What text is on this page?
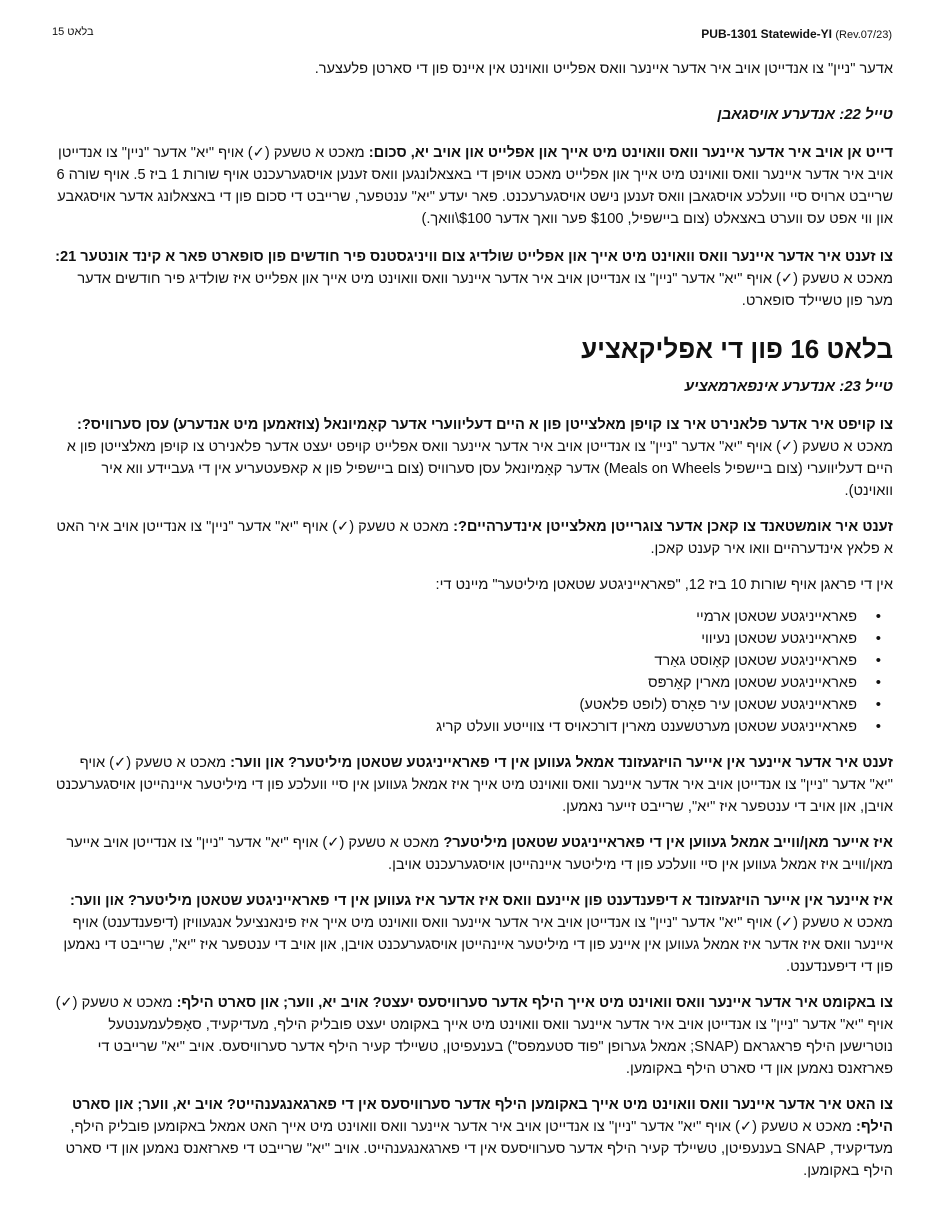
בלאט 15	PUB-1301 Statewide-YI (Rev.07/23)

אדער "ניין" צו אנדייטן אויב איר אדער איינער וואס אפלייט וואוינט אין איינס פון די סארטן פלעצער.

טייל 22: אנדערע אויסגאבן

דייט אן אויב איר אדער איינער וואס וואוינט מיט אייך און אפלייט און אויב יא, סכום: מאכט א טשעק (✓) אויף "יא" אדער "ניין" צו אנדייטן אויב איר אדער איינער וואס וואוינט מיט אייך און אפלייט מאכט אויפן די באצאלונגען וואס זענען אויסגערעכנט אויף שורות 1 ביז 5. אויף שורה 6 שרייבט ארויס סיי וועלכע אויסגאבן וואס זענען נישט אויסגערעכנט. פאר יעדע "יא" ענטפער, שרייבט די סכום פון די באצאלונג אדער אויסגאבע און ווי אפט עס ווערט באצאלט (צום ביישפיל, $100 פער וואך אדער $100\וואך.)

צו זענט איר אדער איינער וואס וואוינט מיט אייך און אפלייט שולדיג צום וויניגסטנס פיר חודשים פון סופארט פאר א קינד אונטער 21: מאכט א טשעק (✓) אויף "יא" אדער "ניין" צו אנדייטן אויב איר אדער איינער וואס וואוינט מיט אייך און אפלייט איז שולדיג פיר חודשים אדער מער פון טשיילד סופארט.

בלאט 16 פון די אפליקאציע

טייל 23: אנדערע אינפארמאציע

צו קויפט איר אדער פלאנירט איר צו קויפן מאלצייטן פון א היים דעליווערי אדער קאָמיונאל (צוזאמען מיט אנדערע) עסן סערוויס?: מאכט א טשעק (✓) אויף "יא" אדער "ניין" צו אנדייטן אויב איר אדער איינער וואס אפלייט קויפט יעצט אדער פלאנירט צו קויפן מאלצייטן פון א היים דעליווערי (צום ביישפיל Meals on Wheels) אדער קאָמיונאל עסן סערוויס (צום ביישפיל פון א קאפעטעריע אין די געביידע ווא איר וואוינט).

זענט איר אומשטאנד צו קאכן אדער צוגרייטן מאלצייטן אינדערהיים?: מאכט א טשעק (✓) אויף "יא" אדער "ניין" צו אנדייטן אויב איר האט א פלאץ אינדערהיים וואו איר קענט קאכן.

אין די פראגן אויף שורות 10 ביז 12, "פאראייניגטע שטאטן מיליטער" מיינט די:

• פאראייניגטע שטאטן ארמיי
• פאראייניגטע שטאטן נעיווי
• פאראייניגטע שטאטן קאָוסט גאַרד
• פאראייניגטע שטאטן מארין קאָרפּס
• פאראייניגטע שטאטן עיר פאָרס (לופט פלאטע)
• פאראייניגטע שטאטן מערטשענט מארין דורכאויס די צווייטע וועלט קריג

זענט איר אדער איינער אין אייער הויזגעזונד אמאל געווען אין די פאראייניגטע שטאטן מיליטער? און ווער: מאכט א טשעק (✓) אויף "יא" אדער "ניין" צו אנדייטן אויב איר אדער איינער וואס וואוינט מיט אייך איז אמאל געווען אין סיי וועלכע פון די מיליטער איינהייטן אויסגערעכנט אויבן, און אויב די ענטפער איז "יא", שרייבט זייער נאמען.

איז אייער מאן/ווייב אמאל געווען אין די פאראייניגטע שטאטן מיליטער? מאכט א טשעק (✓) אויף "יא" אדער "ניין" צו אנדייטן אויב אייער מאן/ווייב איז אמאל געווען אין סיי וועלכע פון די מיליטער איינהייטן אויסגערעכנט אויבן.

איז איינער אין אייער הויזגעזונד א דיפענדענט פון איינעם וואס איז אדער איז געווען אין די פאראייניגטע שטאטן מיליטער? און ווער: מאכט א טשעק (✓) אויף "יא" אדער "ניין" צו אנדייטן אויב איר אדער איינער וואס וואוינט מיט אייך איז פינאנציעל אנגעוויזן (דיפענדענט) אויף איינער וואס איז אדער איז אמאל געווען אין איינע פון די מיליטער איינהייטן אויסגערעכנט אויבן, און אויב די ענטפער איז "יא", שרייבט די נאמען פון די דיפענדענט.

צו באקומט איר אדער איינער וואס וואוינט מיט אייך הילף אדער סערוויסעס יעצט? אויב יא, ווער; און סארט הילף: מאכט א טשעק (✓) אויף "יא" אדער "ניין" צו אנדייטן אויב איר אדער איינער וואס וואוינט מיט אייך באקומט יעצט פובליק הילף, מעדיקעיד, סאָפּלעמענטעל נוטרישען הילף פראגראם (SNAP; אמאל גערופן "פוד סטעמפס") בענעפיטן, טשיילד קעיר הילף אדער סערוויסעס. אויב "יא" שרייבט די פארזאנס נאמען און די סארט הילף באקומען.

צו האט איר אדער איינער וואס וואוינט מיט אייך באקומען הילף אדער סערוויסעס אין די פארגאנגענהייט? אויב יא, ווער; און סארט הילף: מאכט א טשעק (✓) אויף "יא" אדער "ניין" צו אנדייטן אויב איר אדער איינער וואס וואוינט מיט אייך האט אמאל באקומען פובליק הילף, מעדיקעיד, SNAP בענעפיטן, טשיילד קעיר הילף אדער סערוויסעס אין די פארגאנגענהייט. אויב "יא" שרייבט די פארזאנס נאמען און די סארט הילף באקומען.
